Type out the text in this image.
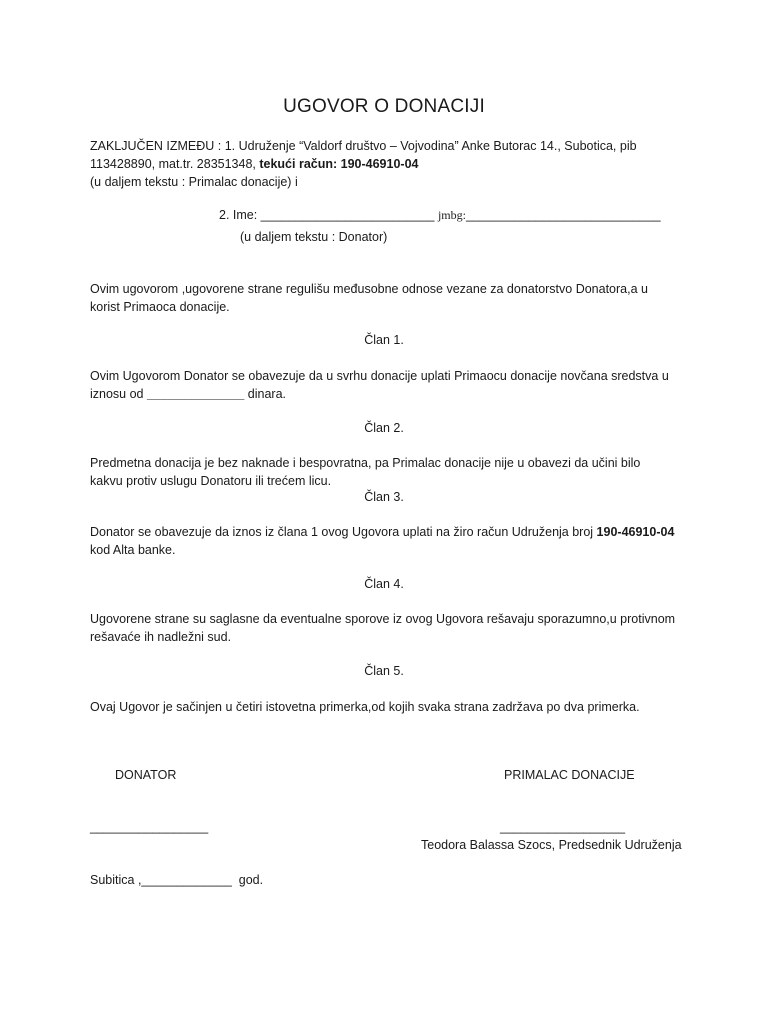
UGOVOR O DONACIJI
ZAKLJUČEN IZMEĐU : 1. Udruženje “Valdorf društvo – Vojvodina” Anke Butorac 14., Subotica, pib
113428890, mat.tr. 28351348, tekući račun: 190-46910-04
(u daljem tekstu : Primalac donacije) i
2. Ime: _________________________ jmbg:____________________________
(u daljem tekstu : Donator)
Ovim ugovorom ,ugovorene strane regulišu međusobne odnose vezane za donatorstvo Donatora,a u
korist Primaoca donacije.
Član 1.
Ovim Ugovorom Donator se obavezuje da u svrhu donacije uplati Primaocu donacije novčana sredstva u
iznosu od ______________ dinara.
Član 2.
Predmetna donacija je bez naknade i bespovratna, pa Primalac donacije nije u obavezi da učini bilo
kakvu protiv uslugu Donatoru ili trećem licu.
Član 3.
Donator se obavezuje da iznos iz člana 1 ovog Ugovora uplati na žiro račun Udruženja broj 190-46910-04
kod Alta banke.
Član 4.
Ugovorene strane su saglasne da eventualne sporove iz ovog Ugovora rešavaju sporazumno,u protivnom
rešavaće ih nadležni sud.
Član 5.
Ovaj Ugovor je sačinjen u četiri istovetna primerka,od kojih svaka strana zadržava po dva primerka.
DONATOR	PRIMALAC DONACIJE
_________________	__________________
Teodora Balassa Szocs, Predsednik Udruženja
Subitica ,_____________  god.
